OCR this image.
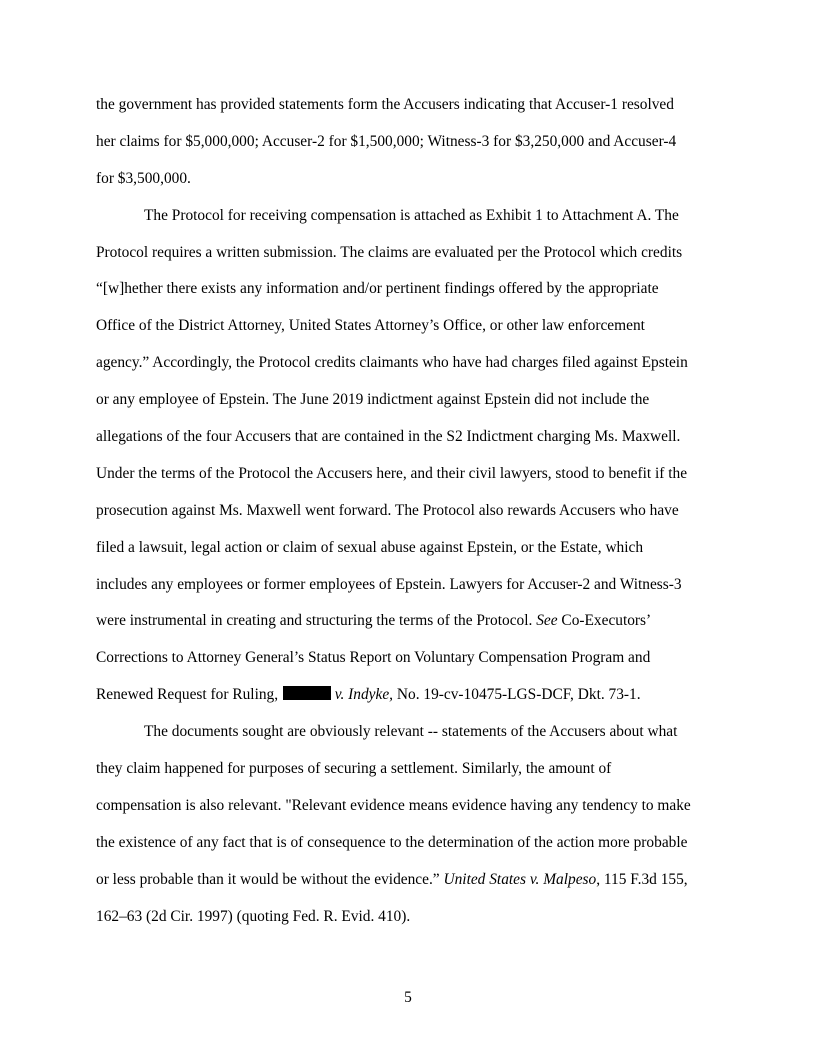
the government has provided statements form the Accusers indicating that Accuser-1 resolved
her claims for $5,000,000; Accuser-2 for $1,500,000; Witness-3 for $3,250,000 and Accuser-4
for $3,500,000.
The Protocol for receiving compensation is attached as Exhibit 1 to Attachment A. The
Protocol requires a written submission. The claims are evaluated per the Protocol which credits
“[w]hether there exists any information and/or pertinent findings offered by the appropriate
Office of the District Attorney, United States Attorney’s Office, or other law enforcement
agency.” Accordingly, the Protocol credits claimants who have had charges filed against Epstein
or any employee of Epstein. The June 2019 indictment against Epstein did not include the
allegations of the four Accusers that are contained in the S2 Indictment charging Ms. Maxwell.
Under the terms of the Protocol the Accusers here, and their civil lawyers, stood to benefit if the
prosecution against Ms. Maxwell went forward. The Protocol also rewards Accusers who have
filed a lawsuit, legal action or claim of sexual abuse against Epstein, or the Estate, which
includes any employees or former employees of Epstein. Lawyers for Accuser-2 and Witness-3
were instrumental in creating and structuring the terms of the Protocol. See Co-Executors’
Corrections to Attorney General’s Status Report on Voluntary Compensation Program and
Renewed Request for Ruling,	v. Indyke, No. 19-cv-10475-LGS-DCF, Dkt. 73-1.
The documents sought are obviously relevant -- statements of the Accusers about what
they claim happened for purposes of securing a settlement. Similarly, the amount of
compensation is also relevant. "Relevant evidence means evidence having any tendency to make
the existence of any fact that is of consequence to the determination of the action more probable
or less probable than it would be without the evidence.” United States v. Malpeso, 115 F.3d 155,
162–63 (2d Cir. 1997) (quoting Fed. R. Evid. 410).
5
